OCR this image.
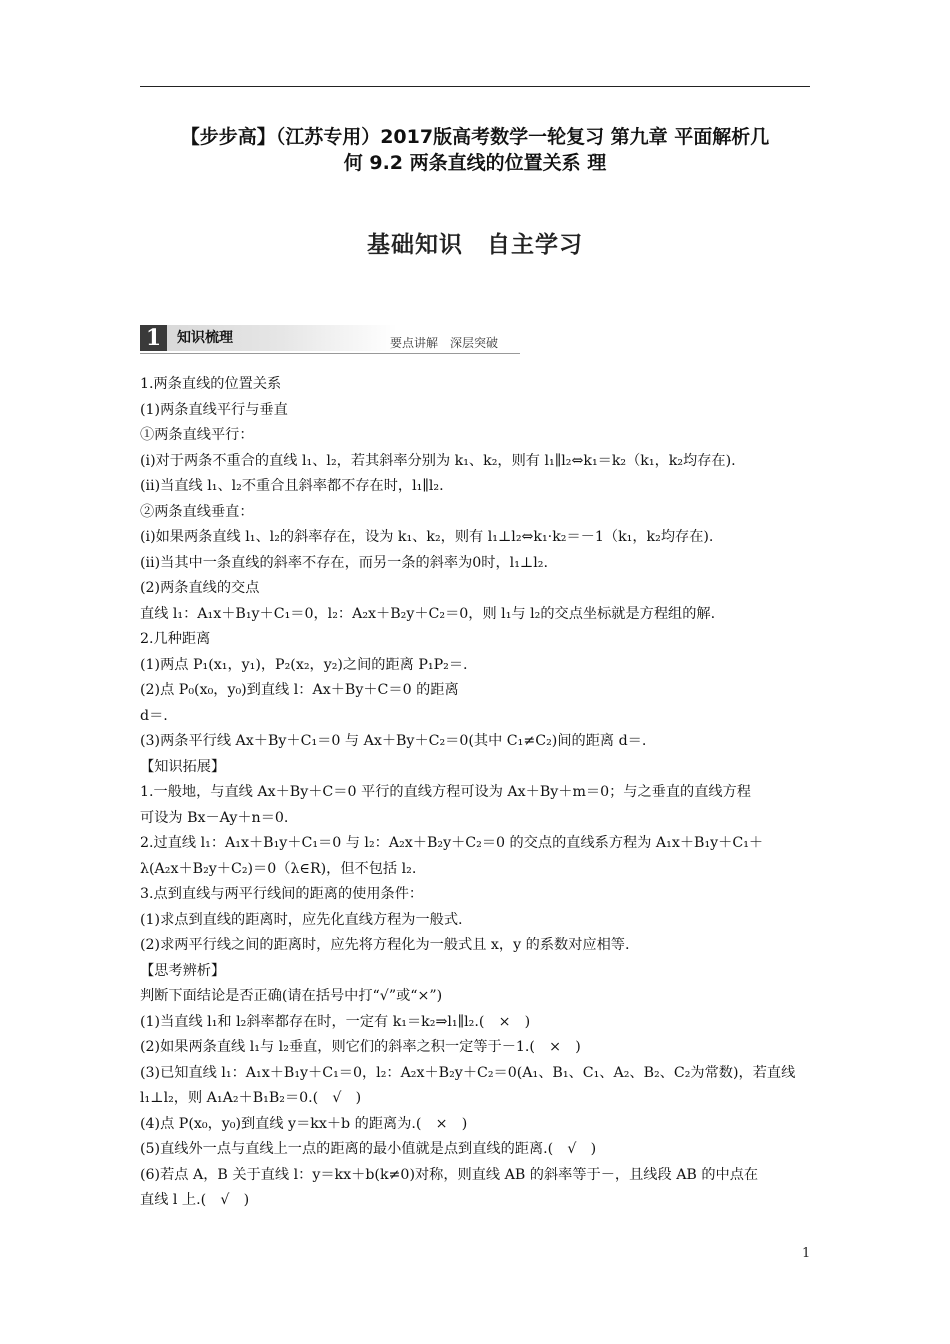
【步步高】（江苏专用）2017版高考数学一轮复习 第九章 平面解析几
何 9.2 两条直线的位置关系 理
基础知识　自主学习
1	知识梳理	要点讲解　深层突破

1.两条直线的位置关系

(1)两条直线平行与垂直

①两条直线平行：

(ⅰ)对于两条不重合的直线 l₁、l₂，若其斜率分别为 k₁、k₂，则有 l₁∥l₂⇔k₁＝k₂（k₁，k₂均存在).

(ⅱ)当直线 l₁、l₂不重合且斜率都不存在时，l₁∥l₂.

②两条直线垂直：

(ⅰ)如果两条直线 l₁、l₂的斜率存在，设为 k₁、k₂，则有 l₁⊥l₂⇔k₁·k₂＝－1（k₁，k₂均存在).

(ⅱ)当其中一条直线的斜率不存在，而另一条的斜率为0时，l₁⊥l₂.

(2)两条直线的交点

直线 l₁：A₁x＋B₁y＋C₁＝0，l₂：A₂x＋B₂y＋C₂＝0，则 l₁与 l₂的交点坐标就是方程组的解.

2.几种距离

(1)两点 P₁(x₁，y₁)，P₂(x₂，y₂)之间的距离 P₁P₂＝.

(2)点 P₀(x₀，y₀)到直线 l：Ax＋By＋C＝0 的距离

d＝.

(3)两条平行线 Ax＋By＋C₁＝0 与 Ax＋By＋C₂＝0(其中 C₁≠C₂)间的距离 d＝.

【知识拓展】

1.一般地，与直线 Ax＋By＋C＝0 平行的直线方程可设为 Ax＋By＋m＝0；与之垂直的直线方程

可设为 Bx－Ay＋n＝0.

2.过直线 l₁：A₁x＋B₁y＋C₁＝0 与 l₂：A₂x＋B₂y＋C₂＝0 的交点的直线系方程为 A₁x＋B₁y＋C₁＋

λ(A₂x＋B₂y＋C₂)＝0（λ∈R)，但不包括 l₂.

3.点到直线与两平行线间的距离的使用条件：

(1)求点到直线的距离时，应先化直线方程为一般式.

(2)求两平行线之间的距离时，应先将方程化为一般式且 x，y 的系数对应相等.

【思考辨析】

判断下面结论是否正确(请在括号中打“√”或“×”)

(1)当直线 l₁和 l₂斜率都存在时，一定有 k₁＝k₂⇒l₁∥l₂.(　×　)

(2)如果两条直线 l₁与 l₂垂直，则它们的斜率之积一定等于－1.(　×　)

(3)已知直线 l₁：A₁x＋B₁y＋C₁＝0，l₂：A₂x＋B₂y＋C₂＝0(A₁、B₁、C₁、A₂、B₂、C₂为常数)，若直线

l₁⊥l₂，则 A₁A₂＋B₁B₂＝0.(　√　)

(4)点 P(x₀，y₀)到直线 y＝kx＋b 的距离为.(　×　)

(5)直线外一点与直线上一点的距离的最小值就是点到直线的距离.(　√　)

(6)若点 A，B 关于直线 l：y＝kx＋b(k≠0)对称，则直线 AB 的斜率等于－，且线段 AB 的中点在

直线 l 上.(　√　)

1
